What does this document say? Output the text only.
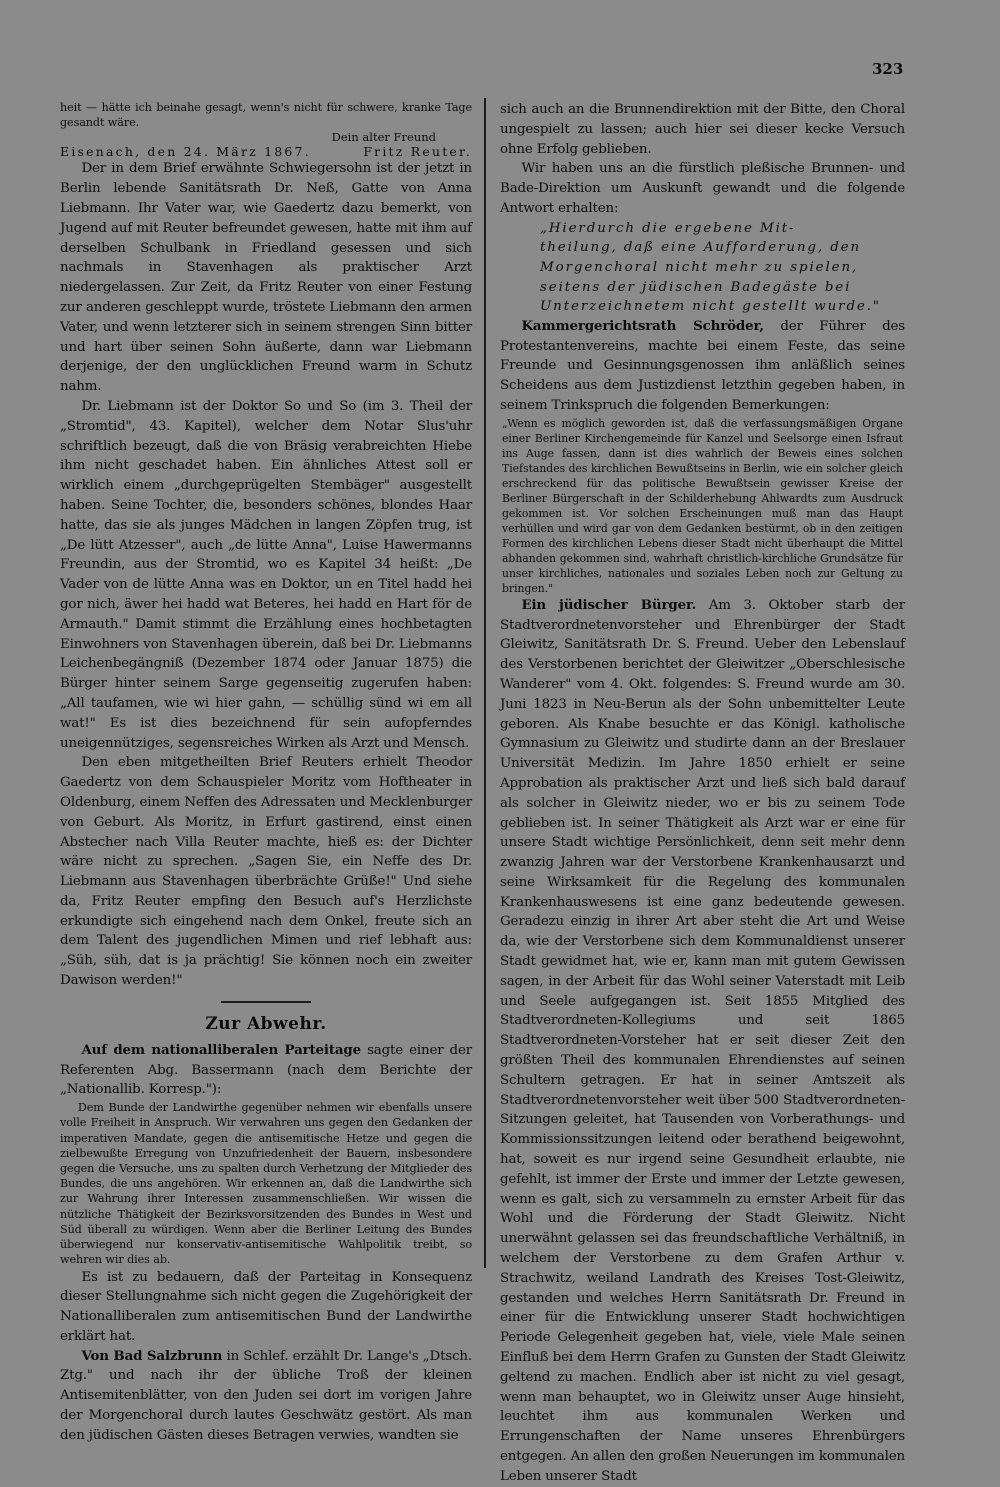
323

heit — hätte ich beinahe gesagt, wenn's nicht für schwere, kranke Tage gesandt wäre.

Dein alter Freund
Eisenach, den 24. März 1867.	Fritz Reuter.

Der in dem Brief erwähnte Schwiegersohn ist der jetzt in Berlin lebende Sanitätsrath Dr. Neß, Gatte von Anna Liebmann. Ihr Vater war, wie Gaedertz dazu bemerkt, von Jugend auf mit Reuter befreundet gewesen, hatte mit ihm auf derselben Schulbank in Friedland gesessen und sich nachmals in Stavenhagen als praktischer Arzt niedergelassen. Zur Zeit, da Fritz Reuter von einer Festung zur anderen geschleppt wurde, tröstete Liebmann den armen Vater, und wenn letzterer sich in seinem strengen Sinn bitter und hart über seinen Sohn äußerte, dann war Liebmann derjenige, der den unglücklichen Freund warm in Schutz nahm.

Dr. Liebmann ist der Doktor So und So (im 3. Theil der „Stromtid", 43. Kapitel), welcher dem Notar Slus'uhr schriftlich bezeugt, daß die von Bräsig verabreichten Hiebe ihm nicht geschadet haben. Ein ähnliches Attest soll er wirklich einem „durchgeprügelten Stembäger" ausgestellt haben. Seine Tochter, die, besonders schönes, blondes Haar hatte, das sie als junges Mädchen in langen Zöpfen trug, ist „De lütt Atzesser", auch „de lütte Anna", Luise Hawermanns Freundin, aus der Stromtid, wo es Kapitel 34 heißt: „De Vader von de lütte Anna was en Doktor, un en Titel hadd hei gor nich, äwer hei hadd wat Beteres, hei hadd en Hart för de Armauth." Damit stimmt die Erzählung eines hochbetagten Einwohners von Stavenhagen überein, daß bei Dr. Liebmanns Leichenbegängniß (Dezember 1874 oder Januar 1875) die Bürger hinter seinem Sarge gegenseitig zugerufen haben: „All taufamen, wie wi hier gahn, — schüllig sünd wi em all wat!" Es ist dies bezeichnend für sein aufopferndes uneigennütziges, segensreiches Wirken als Arzt und Mensch.

Den eben mitgetheilten Brief Reuters erhielt Theodor Gaedertz von dem Schauspieler Moritz vom Hoftheater in Oldenburg, einem Neffen des Adressaten und Mecklenburger von Geburt. Als Moritz, in Erfurt gastirend, einst einen Abstecher nach Villa Reuter machte, hieß es: der Dichter wäre nicht zu sprechen. „Sagen Sie, ein Neffe des Dr. Liebmann aus Stavenhagen überbrächte Grüße!" Und siehe da, Fritz Reuter empfing den Besuch auf's Herzlichste erkundigte sich eingehend nach dem Onkel, freute sich an dem Talent des jugendlichen Mimen und rief lebhaft aus: „Süh, süh, dat is ja prächtig! Sie können noch ein zweiter Dawison werden!"

Zur Abwehr.

Auf dem nationalliberalen Parteitage sagte einer der Referenten Abg. Bassermann (nach dem Berichte der „Nationallib. Korresp."):

Dem Bunde der Landwirthe gegenüber nehmen wir ebenfalls unsere volle Freiheit in Anspruch. Wir verwahren uns gegen den Gedanken der imperativen Mandate, gegen die antisemitische Hetze und gegen die zielbewußte Erregung von Unzufriedenheit der Bauern, insbesondere gegen die Versuche, uns zu spalten durch Verhetzung der Mitglieder des Bundes, die uns angehören. Wir erkennen an, daß die Landwirthe sich zur Wahrung ihrer Interessen zusammenschließen. Wir wissen die nützliche Thätigkeit der Bezirksvorsitzenden des Bundes in West und Süd überall zu würdigen. Wenn aber die Berliner Leitung des Bundes überwiegend nur konservativ-antisemitische Wahlpolitik treibt, so wehren wir dies ab.

Es ist zu bedauern, daß der Parteitag in Konsequenz dieser Stellungnahme sich nicht gegen die Zugehörigkeit der Nationalliberalen zum antisemitischen Bund der Landwirthe erklärt hat.

Von Bad Salzbrunn in Schlef. erzählt Dr. Lange's „Dtsch. Ztg." und nach ihr der übliche Troß der kleinen Antisemitenblätter, von den Juden sei dort im vorigen Jahre der Morgenchoral durch lautes Geschwätz gestört. Als man den jüdischen Gästen dieses Betragen verwies, wandten sie

sich auch an die Brunnendirektion mit der Bitte, den Choral ungespielt zu lassen; auch hier sei dieser kecke Versuch ohne Erfolg geblieben.

Wir haben uns an die fürstlich pleßische Brunnen- und Bade-Direktion um Auskunft gewandt und die folgende Antwort erhalten:

„Hierdurch die ergebene Mit-
theilung, daß eine Aufforderung, den
Morgenchoral nicht mehr zu spielen,
seitens der jüdischen Badegäste bei
Unterzeichnetem nicht gestellt wurde."

Kammergerichtsrath Schröder, der Führer des Protestantenvereins, machte bei einem Feste, das seine Freunde und Gesinnungsgenossen ihm anläßlich seines Scheidens aus dem Justizdienst letzthin gegeben haben, in seinem Trinkspruch die folgenden Bemerkungen:

„Wenn es möglich geworden ist, daß die verfassungsmäßigen Organe einer Berliner Kirchengemeinde für Kanzel und Seelsorge einen Isfraut ins Auge fassen, dann ist dies wahrlich der Beweis eines solchen Tiefstandes des kirchlichen Bewußtseins in Berlin, wie ein solcher gleich erschreckend für das politische Bewußtsein gewisser Kreise der Berliner Bürgerschaft in der Schilderhebung Ahlwardts zum Ausdruck gekommen ist. Vor solchen Erscheinungen muß man das Haupt verhüllen und wird gar von dem Gedanken bestürmt, ob in den zeitigen Formen des kirchlichen Lebens dieser Stadt nicht überhaupt die Mittel abhanden gekommen sind, wahrhaft christlich-kirchliche Grundsätze für unser kirchliches, nationales und soziales Leben noch zur Geltung zu bringen."

Ein jüdischer Bürger. Am 3. Oktober starb der Stadtverordnetenvorsteher und Ehrenbürger der Stadt Gleiwitz, Sanitätsrath Dr. S. Freund. Ueber den Lebenslauf des Verstorbenen berichtet der Gleiwitzer „Oberschlesische Wanderer" vom 4. Okt. folgendes: S. Freund wurde am 30. Juni 1823 in Neu-Berun als der Sohn unbemittelter Leute geboren. Als Knabe besuchte er das Königl. katholische Gymnasium zu Gleiwitz und studirte dann an der Breslauer Universität Medizin. Im Jahre 1850 erhielt er seine Approbation als praktischer Arzt und ließ sich bald darauf als solcher in Gleiwitz nieder, wo er bis zu seinem Tode geblieben ist. In seiner Thätigkeit als Arzt war er eine für unsere Stadt wichtige Persönlichkeit, denn seit mehr denn zwanzig Jahren war der Verstorbene Krankenhausarzt und seine Wirksamkeit für die Regelung des kommunalen Krankenhauswesens ist eine ganz bedeutende gewesen. Geradezu einzig in ihrer Art aber steht die Art und Weise da, wie der Verstorbene sich dem Kommunaldienst unserer Stadt gewidmet hat, wie er, kann man mit gutem Gewissen sagen, in der Arbeit für das Wohl seiner Vaterstadt mit Leib und Seele aufgegangen ist. Seit 1855 Mitglied des Stadtverordneten-Kollegiums und seit 1865 Stadtverordneten-Vorsteher hat er seit dieser Zeit den größten Theil des kommunalen Ehrendienstes auf seinen Schultern getragen. Er hat in seiner Amtszeit als Stadtverordnetenvorsteher weit über 500 Stadtverordneten-Sitzungen geleitet, hat Tausenden von Vorberathungs- und Kommissionssitzungen leitend oder berathend beigewohnt, hat, soweit es nur irgend seine Gesundheit erlaubte, nie gefehlt, ist immer der Erste und immer der Letzte gewesen, wenn es galt, sich zu versammeln zu ernster Arbeit für das Wohl und die Förderung der Stadt Gleiwitz. Nicht unerwähnt gelassen sei das freundschaftliche Verhältniß, in welchem der Verstorbene zu dem Grafen Arthur v. Strachwitz, weiland Landrath des Kreises Tost-Gleiwitz, gestanden und welches Herrn Sanitätsrath Dr. Freund in einer für die Entwicklung unserer Stadt hochwichtigen Periode Gelegenheit gegeben hat, viele, viele Male seinen Einfluß bei dem Herrn Grafen zu Gunsten der Stadt Gleiwitz geltend zu machen. Endlich aber ist nicht zu viel gesagt, wenn man behauptet, wo in Gleiwitz unser Auge hinsieht, leuchtet ihm aus kommunalen Werken und Errungenschaften der Name unseres Ehrenbürgers entgegen. An allen den großen Neuerungen im kommunalen Leben unserer Stadt
